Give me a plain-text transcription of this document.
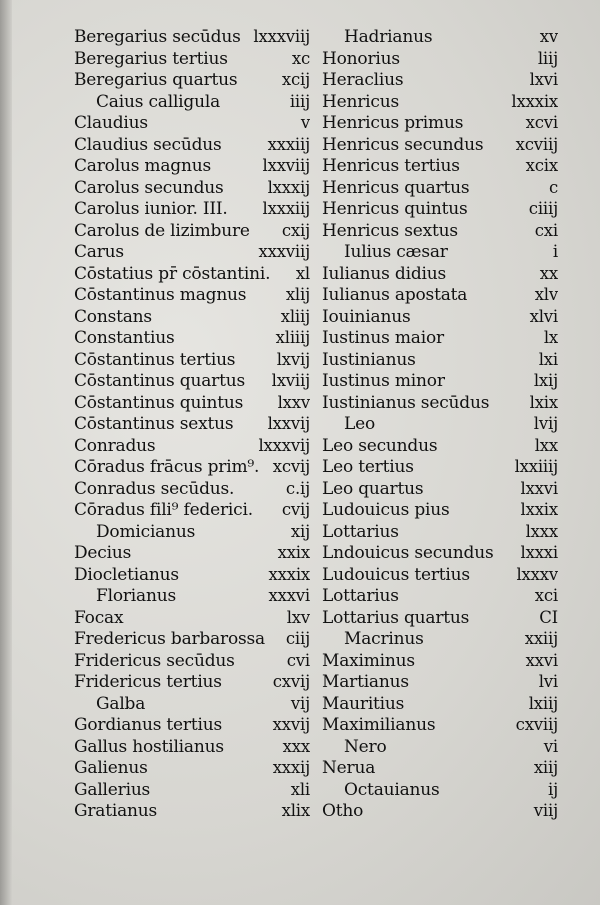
Beregarius secūdus lxxxviij
Beregarius tertius	xc
Beregarius quartus	xcij
Caius calligula	iiij
Claudius	v
Claudius secūdus	xxxiij
Carolus magnus	lxxviij
Carolus secundus	lxxxij
Carolus iunior. III.	lxxxiij
Carolus de lizimbure	cxij
Carus	xxxviij
Cōstatius pr̄ cōstantini.	xl
Cōstantinus magnus	xlij
Constans	xliij
Constantius	xliiij
Cōstantinus tertius	lxvij
Cōstantinus quartus	lxviij
Cōstantinus quintus	lxxv
Cōstantinus sextus	lxxvij
Conradus	lxxxvij
Cōradus frācus prim⁹. xcvij
Conradus secūdus.	c.ij
Cōradus fili⁹ federici.	cvij
Domicianus	xij
Decius	xxix
Diocletianus	xxxix
Florianus	xxxvi
Focax	lxv
Fredericus barbarossa	ciij
Fridericus secūdus	cvi
Fridericus tertius	cxvij
Galba	vij
Gordianus tertius	xxvij
Gallus hostilianus	xxx
Galienus	xxxij
Gallerius	xli
Gratianus	xlix
Hadrianus	xv
Honorius	liij
Heraclius	lxvi
Henricus	lxxxix
Henricus primus	xcvi
Henricus secundus	xcviij
Henricus tertius	xcix
Henricus quartus	c
Henricus quintus	ciiij
Henricus sextus	cxi
Iulius cæsar	i
Iulianus didius	xx
Iulianus apostata	xlv
Iouinianus	xlvi
Iustinus maior	lx
Iustinianus	lxi
Iustinus minor	lxij
Iustinianus secūdus	lxix
Leo	lvij
Leo secundus	lxx
Leo tertius	lxxiiij
Leo quartus	lxxvi
Ludouicus pius	lxxix
Lottarius	lxxx
Lndouicus secundus	lxxxi
Ludouicus tertius	lxxxv
Lottarius	xci
Lottarius quartus	CI
Macrinus	xxiij
Maximinus	xxvi
Martianus	lvi
Mauritius	lxiij
Maximilianus	cxviij
Nero	vi
Nerua	xiij
Octauianus	ij
Otho	viij
